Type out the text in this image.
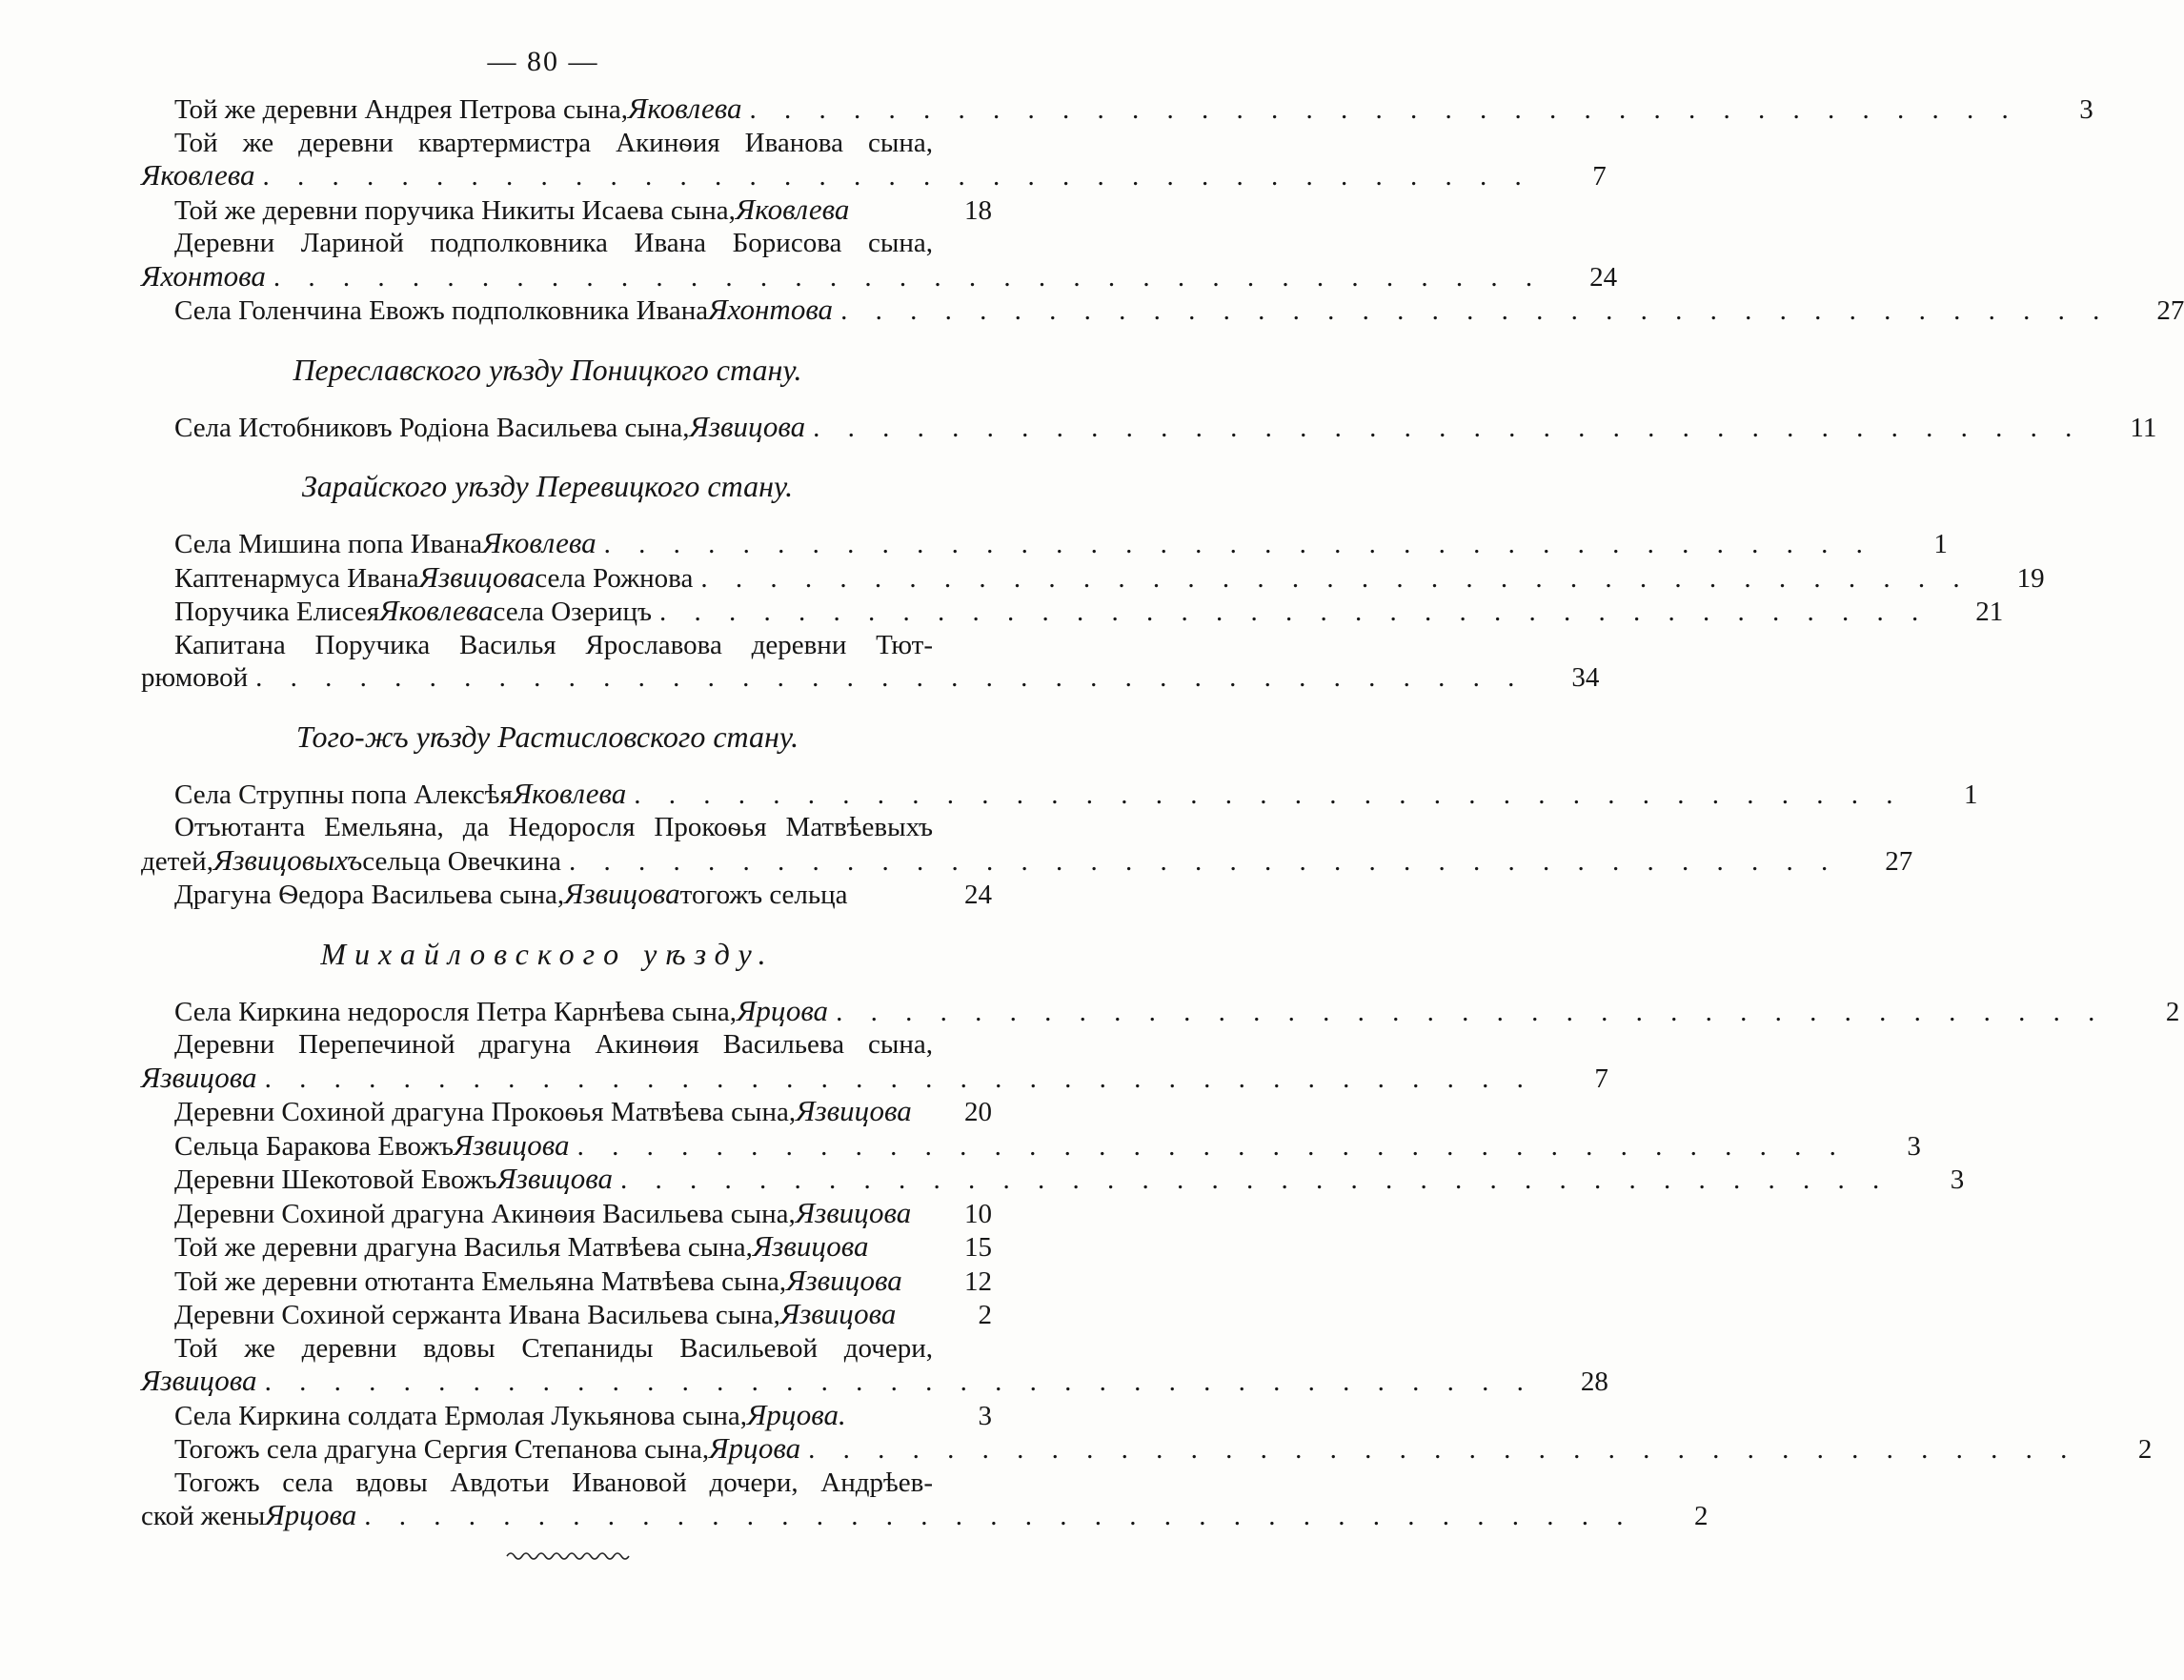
— 80 —
Той же деревни Андрея Петрова сына, Яковлева . . . . . . . . . . . . . . . . . . . . . . . . . . . . . . . . . . . . .	3
Той же деревни квартермистра Акинѳия Иванова сына,
Яковлева . . . . . . . . . . . . . . . . . . . . . . . . . . . . . . . . . . . . .	7
Той же деревни поручика Никиты Исаева сына, Яковлева	18
Деревни Лариной подполковника Ивана Борисова сына,
Яхонтова . . . . . . . . . . . . . . . . . . . . . . . . . . . . . . . . . . . . .	24
Села Голенчина Евожъ подполковника Ивана Яхонтова . . . . . . . . . . . . . . . . . . . . . . . . . . . . . . . . . . . . .	27
Переславского уѣзду Поницкого стану.
Села Истобниковъ Родіона Васильева сына, Язвицова . . . . . . . . . . . . . . . . . . . . . . . . . . . . . . . . . . . . .	11
Зарайского уѣзду Перевицкого стану.
Села Мишина попа Ивана Яковлева . . . . . . . . . . . . . . . . . . . . . . . . . . . . . . . . . . . . .	1
Каптенармуса Ивана Язвицова села Рожнова . . . . . . . . . . . . . . . . . . . . . . . . . . . . . . . . . . . . .	19
Поручика Елисея Яковлева села Озерицъ . . . . . . . . . . . . . . . . . . . . . . . . . . . . . . . . . . . . .	21
Капитана Поручика Василья Ярославова деревни Тют-
рюмовой . . . . . . . . . . . . . . . . . . . . . . . . . . . . . . . . . . . . .	34
Того-жъ уѣзду Растисловского стану.
Села Струпны попа Алексѣя Яковлева . . . . . . . . . . . . . . . . . . . . . . . . . . . . . . . . . . . . .	1
Отъютанта Емельяна, да Недоросля Прокоѳья Матвѣевыхъ
детей, Язвицовыхъ сельца Овечкина . . . . . . . . . . . . . . . . . . . . . . . . . . . . . . . . . . . . .	27
Драгуна Ѳедора Васильева сына, Язвицова тогожъ сельца	24
Михайловского уѣзду.
Села Киркина недоросля Петра Карнѣева сына, Ярцова . . . . . . . . . . . . . . . . . . . . . . . . . . . . . . . . . . . . .	2
Деревни Перепечиной драгуна Акинѳия Васильева сына,
Язвицова . . . . . . . . . . . . . . . . . . . . . . . . . . . . . . . . . . . . .	7
Деревни Сохиной драгуна Прокоѳья Матвѣева сына, Язвицова	20
Сельца Баракова Евожъ Язвицова . . . . . . . . . . . . . . . . . . . . . . . . . . . . . . . . . . . . .	3
Деревни Шекотовой Евожъ Язвицова . . . . . . . . . . . . . . . . . . . . . . . . . . . . . . . . . . . . .	3
Деревни Сохиной драгуна Акинѳия Васильева сына, Язвицова	10
Той же деревни драгуна Василья Матвѣева сына, Язвицова	15
Той же деревни отютанта Емельяна Матвѣева сына, Язвицова	12
Деревни Сохиной сержанта Ивана Васильева сына, Язвицова	2
Той же деревни вдовы Степаниды Васильевой дочери,
Язвицова . . . . . . . . . . . . . . . . . . . . . . . . . . . . . . . . . . . . .	28
Села Киркина солдата Ермолая Лукьянова сына, Ярцова.	3
Тогожъ села драгуна Сергия Степанова сына, Ярцова . . . . . . . . . . . . . . . . . . . . . . . . . . . . . . . . . . . . .	2
Тогожъ села вдовы Авдотьи Ивановой дочери, Андрѣев-
ской жены Ярцова . . . . . . . . . . . . . . . . . . . . . . . . . . . . . . . . . . . . .	2
